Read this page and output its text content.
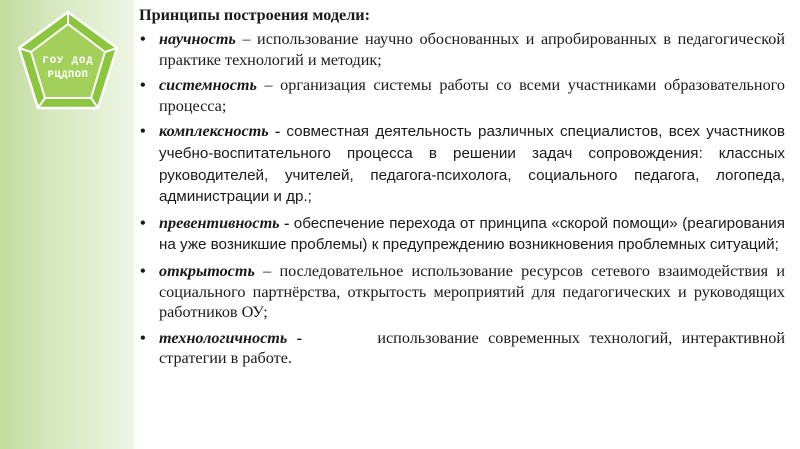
ГОУ ДОД
РЦДПОП
Принципы построения модели:
• научность – использование научно обоснованных и апробированных в педагогической практике технологий и методик;
• системность – организация системы работы со всеми участниками образовательного процесса;
• комплексность - совместная деятельность различных специалистов, всех участников учебно-воспитательного процесса в решении задач сопровождения: классных руководителей, учителей, педагога-психолога, социального педагога, логопеда, администрации и др.;
• превентивность - обеспечение перехода от принципа «скорой помощи» (реагирования на уже возникшие проблемы) к предупреждению возникновения проблемных ситуаций;
• открытость – последовательное использование ресурсов сетевого взаимодействия и социального партнёрства, открытость мероприятий для педагогических и руководящих работников ОУ;
• технологичность -        использование современных технологий, интерактивной стратегии в работе.
